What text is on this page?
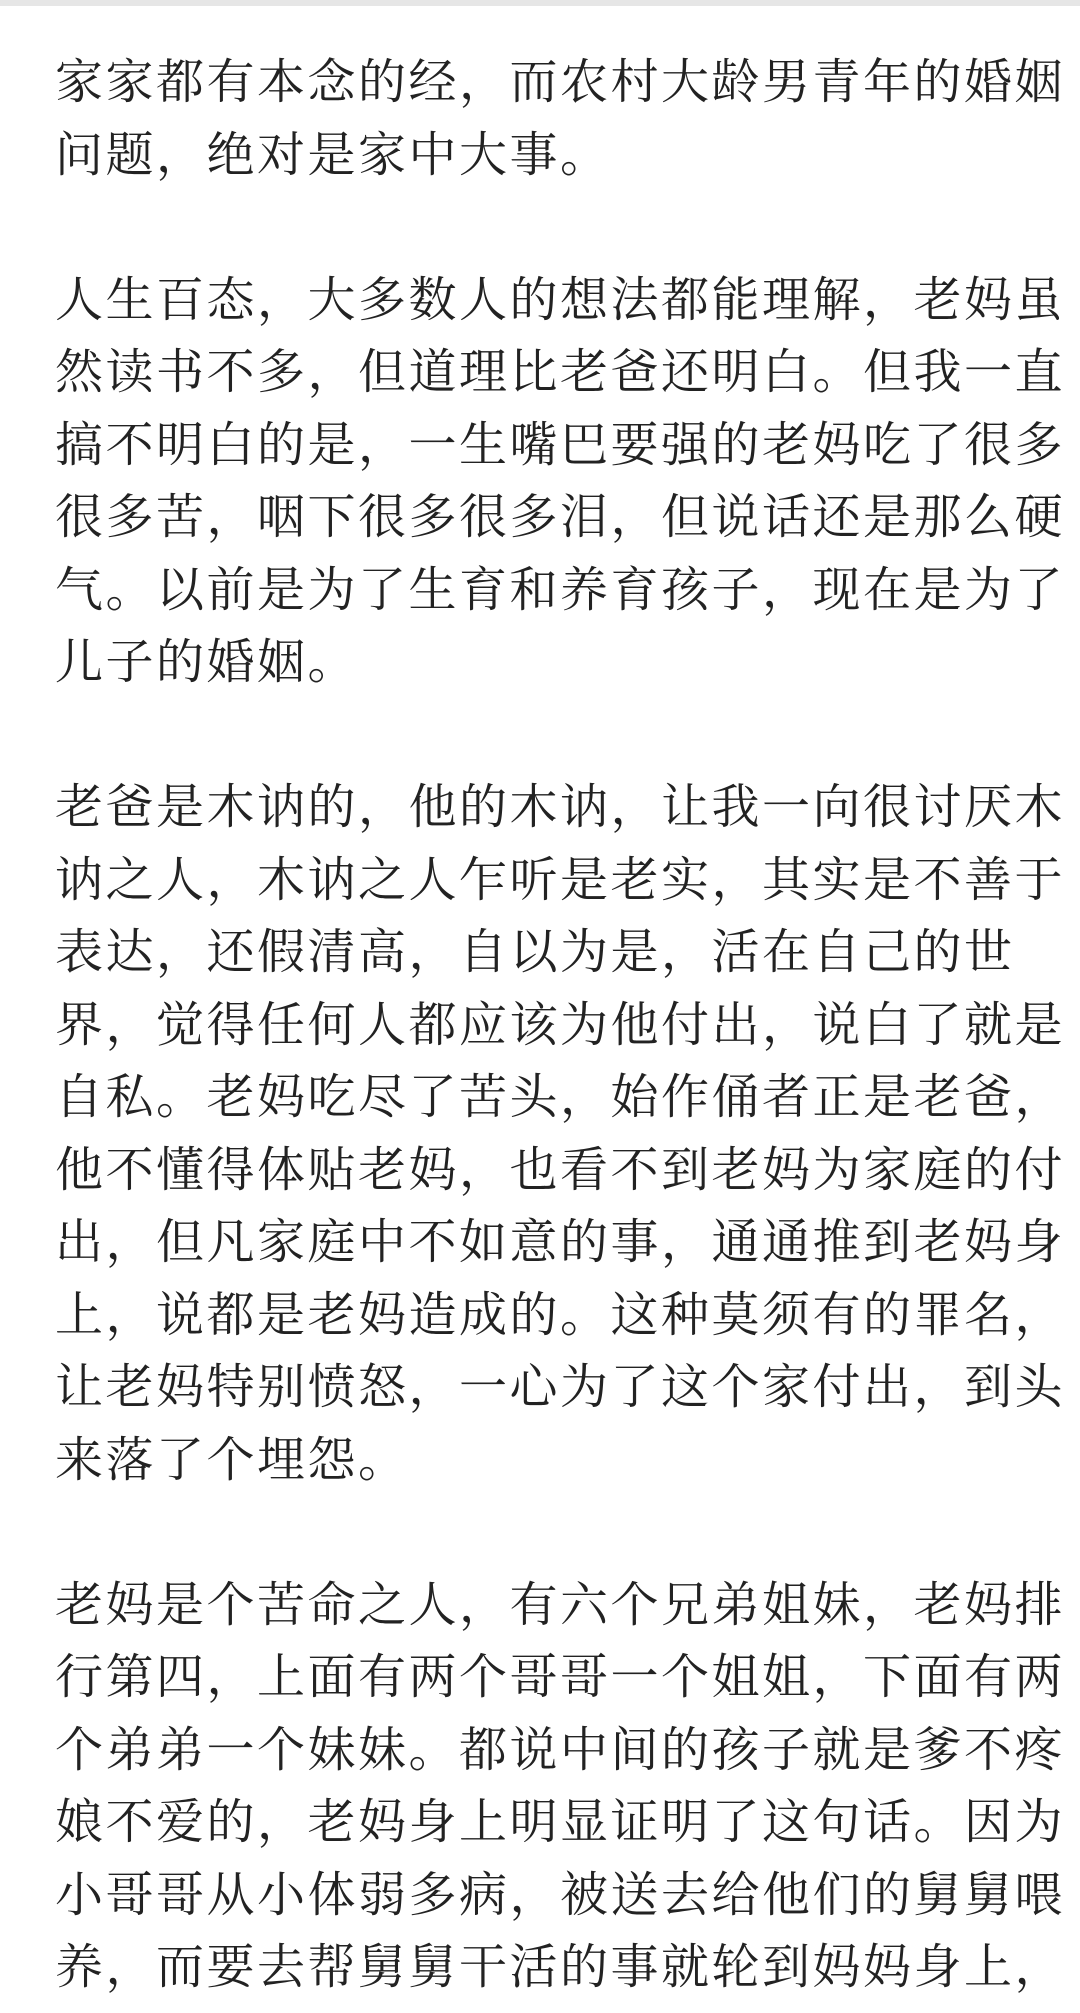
家家都有本念的经，而农村大龄男青年的婚姻
问题，绝对是家中大事。

人生百态，大多数人的想法都能理解，老妈虽
然读书不多，但道理比老爸还明白。但我一直
搞不明白的是，一生嘴巴要强的老妈吃了很多
很多苦，咽下很多很多泪，但说话还是那么硬
气。以前是为了生育和养育孩子，现在是为了
儿子的婚姻。

老爸是木讷的，他的木讷，让我一向很讨厌木
讷之人，木讷之人乍听是老实，其实是不善于
表达，还假清高，自以为是，活在自己的世
界，觉得任何人都应该为他付出，说白了就是
自私。老妈吃尽了苦头，始作俑者正是老爸，
他不懂得体贴老妈，也看不到老妈为家庭的付
出，但凡家庭中不如意的事，通通推到老妈身
上，说都是老妈造成的。这种莫须有的罪名，
让老妈特别愤怒，一心为了这个家付出，到头
来落了个埋怨。

老妈是个苦命之人，有六个兄弟姐妹，老妈排
行第四，上面有两个哥哥一个姐姐，下面有两
个弟弟一个妹妹。都说中间的孩子就是爹不疼
娘不爱的，老妈身上明显证明了这句话。因为
小哥哥从小体弱多病，被送去给他们的舅舅喂
养，而要去帮舅舅干活的事就轮到妈妈身上，
